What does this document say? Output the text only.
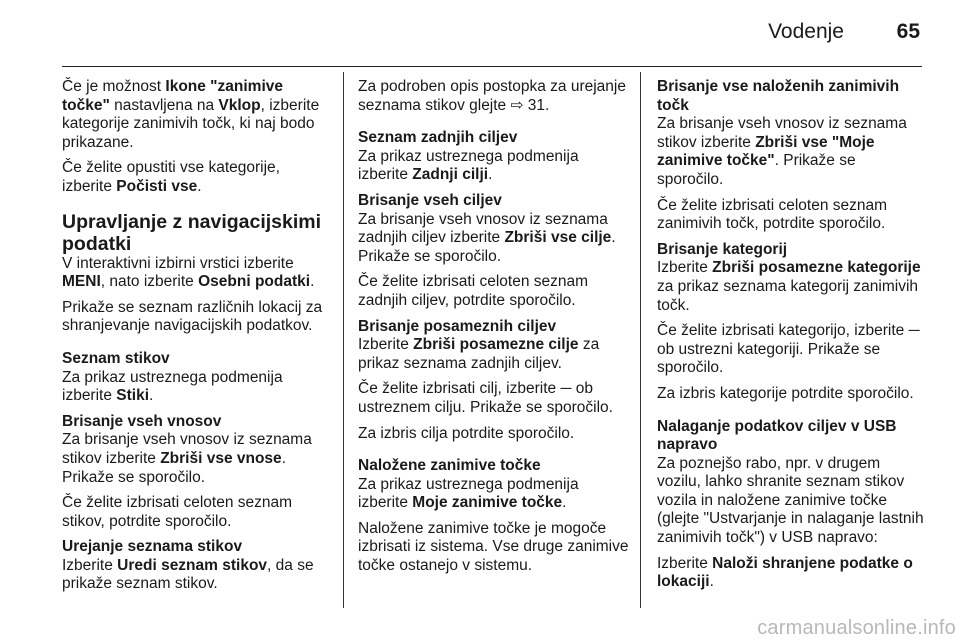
Vodenje	65

Če je možnost Ikone "zanimive točke" nastavljena na Vklop, izberite kategorije zanimivih točk, ki naj bodo prikazane.

Če želite opustiti vse kategorije, izberite Počisti vse.

Upravljanje z navigacijskimi podatki

V interaktivni izbirni vrstici izberite MENI, nato izberite Osebni podatki.

Prikaže se seznam različnih lokacij za shranjevanje navigacijskih podatkov.

Seznam stikov

Za prikaz ustreznega podmenija izberite Stiki.

Brisanje vseh vnosov

Za brisanje vseh vnosov iz seznama stikov izberite Zbriši vse vnose. Prikaže se sporočilo.

Če želite izbrisati celoten seznam stikov, potrdite sporočilo.

Urejanje seznama stikov

Izberite Uredi seznam stikov, da se prikaže seznam stikov.

Za podroben opis postopka za urejanje seznama stikov glejte ⇨ 31.

Seznam zadnjih ciljev

Za prikaz ustreznega podmenija izberite Zadnji cilji.

Brisanje vseh ciljev

Za brisanje vseh vnosov iz seznama zadnjih ciljev izberite Zbriši vse cilje. Prikaže se sporočilo.

Če želite izbrisati celoten seznam zadnjih ciljev, potrdite sporočilo.

Brisanje posameznih ciljev

Izberite Zbriši posamezne cilje za prikaz seznama zadnjih ciljev.

Če želite izbrisati cilj, izberite ─ ob ustreznem cilju. Prikaže se sporočilo.

Za izbris cilja potrdite sporočilo.

Naložene zanimive točke

Za prikaz ustreznega podmenija izberite Moje zanimive točke.

Naložene zanimive točke je mogoče izbrisati iz sistema. Vse druge zanimive točke ostanejo v sistemu.

Brisanje vse naloženih zanimivih točk

Za brisanje vseh vnosov iz seznama stikov izberite Zbriši vse "Moje zanimive točke". Prikaže se sporočilo.

Če želite izbrisati celoten seznam zanimivih točk, potrdite sporočilo.

Brisanje kategorij

Izberite Zbriši posamezne kategorije za prikaz seznama kategorij zanimivih točk.

Če želite izbrisati kategorijo, izberite ─ ob ustrezni kategoriji. Prikaže se sporočilo.

Za izbris kategorije potrdite sporočilo.

Nalaganje podatkov ciljev v USB napravo

Za poznejšo rabo, npr. v drugem vozilu, lahko shranite seznam stikov vozila in naložene zanimive točke (glejte "Ustvarjanje in nalaganje lastnih zanimivih točk") v USB napravo:

Izberite Naloži shranjene podatke o lokaciji.

carmanualsonline.info
